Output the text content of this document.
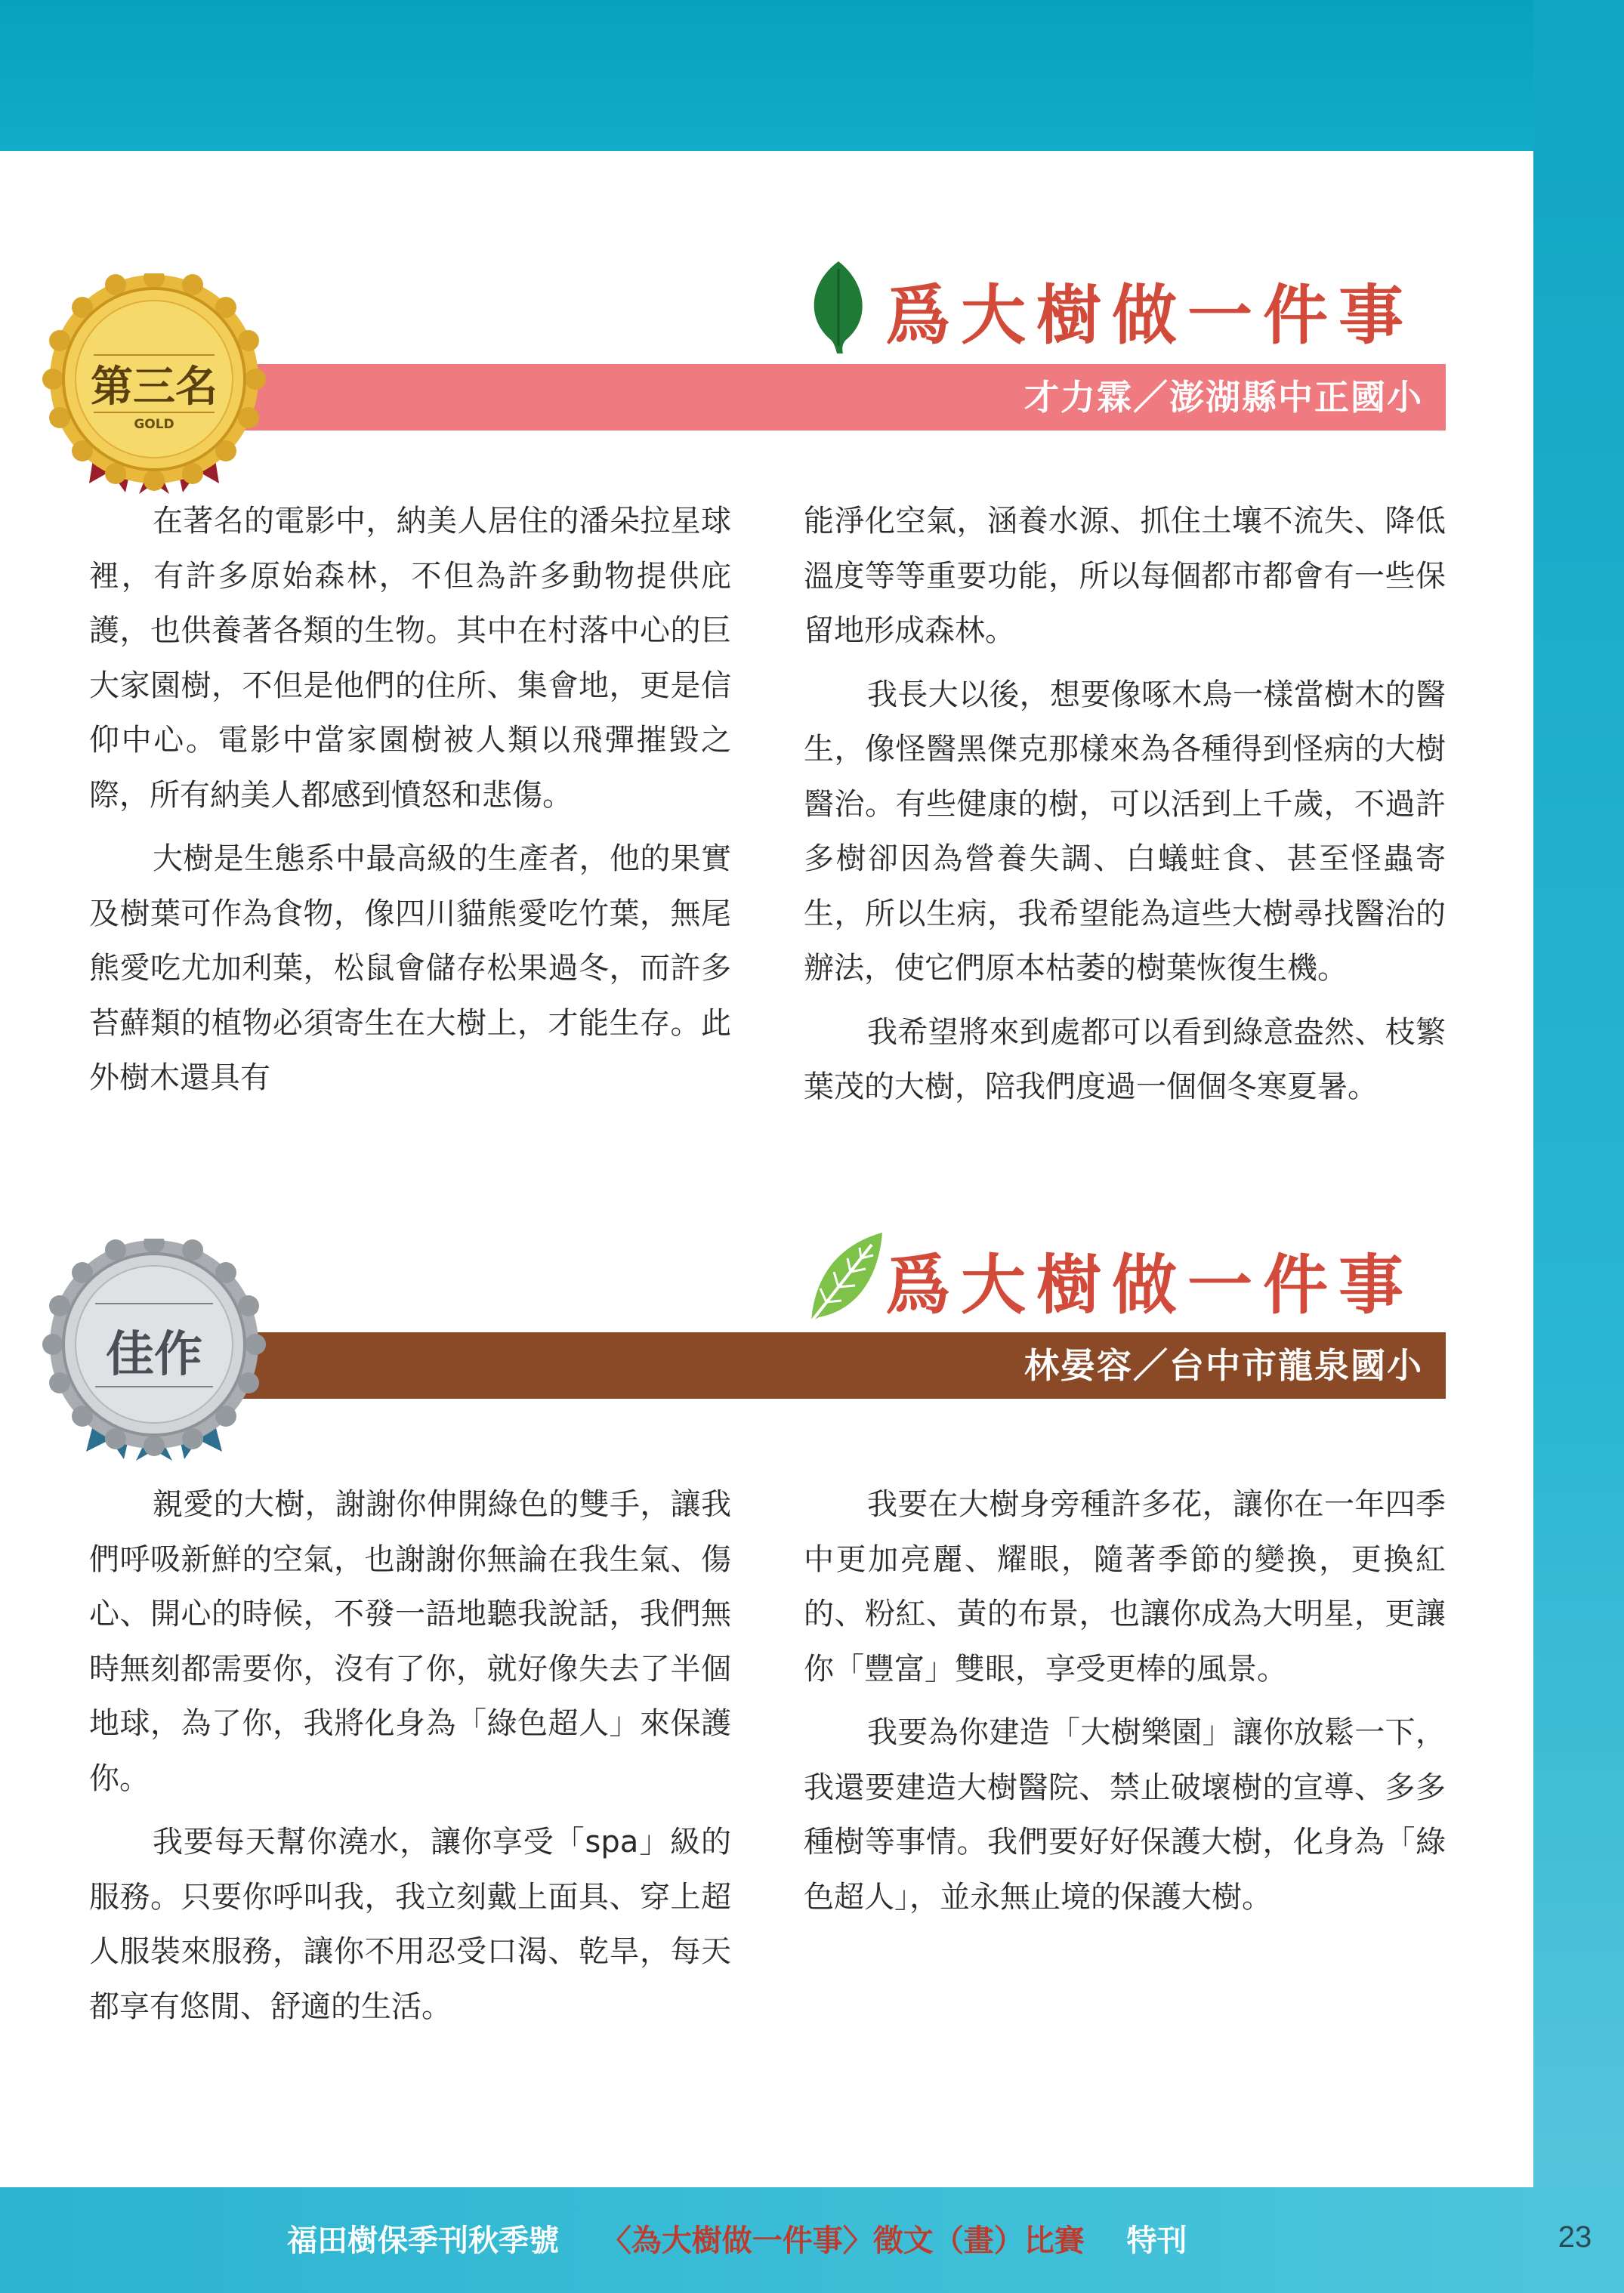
爲大樹做一件事
才力霖／澎湖縣中正國小
第三名
GOLD

在著名的電影中，納美人居住的潘朵拉星球裡，有許多原始森林，不但為許多動物提供庇護，也供養著各類的生物。其中在村落中心的巨大家園樹，不但是他們的住所、集會地，更是信仰中心。電影中當家園樹被人類以飛彈摧毀之際，所有納美人都感到憤怒和悲傷。

大樹是生態系中最高級的生產者，他的果實及樹葉可作為食物，像四川貓熊愛吃竹葉，無尾熊愛吃尤加利葉，松鼠會儲存松果過冬，而許多苔蘚類的植物必須寄生在大樹上，才能生存。此外樹木還具有

能淨化空氣，涵養水源、抓住土壤不流失、降低溫度等等重要功能，所以每個都市都會有一些保留地形成森林。

我長大以後，想要像啄木鳥一樣當樹木的醫生，像怪醫黑傑克那樣來為各種得到怪病的大樹醫治。有些健康的樹，可以活到上千歲，不過許多樹卻因為營養失調、白蟻蛀食、甚至怪蟲寄生，所以生病，我希望能為這些大樹尋找醫治的辦法，使它們原本枯萎的樹葉恢復生機。

我希望將來到處都可以看到綠意盎然、枝繁葉茂的大樹，陪我們度過一個個冬寒夏暑。

爲大樹做一件事
林晏容／台中市龍泉國小
佳作

親愛的大樹，謝謝你伸開綠色的雙手，讓我們呼吸新鮮的空氣，也謝謝你無論在我生氣、傷心、開心的時候，不發一語地聽我說話，我們無時無刻都需要你，沒有了你，就好像失去了半個地球，為了你，我將化身為「綠色超人」來保護你。

我要每天幫你澆水，讓你享受「spa」級的服務。只要你呼叫我，我立刻戴上面具、穿上超人服裝來服務，讓你不用忍受口渴、乾旱，每天都享有悠閒、舒適的生活。

我要在大樹身旁種許多花，讓你在一年四季中更加亮麗、耀眼，隨著季節的變換，更換紅的、粉紅、黃的布景，也讓你成為大明星，更讓你「豐富」雙眼，享受更棒的風景。

我要為你建造「大樹樂園」讓你放鬆一下，我還要建造大樹醫院、禁止破壞樹的宣導、多多種樹等事情。我們要好好保護大樹，化身為「綠色超人」，並永無止境的保護大樹。

福田樹保季刊秋季號 〈為大樹做一件事〉徵文（畫）比賽 特刊	23
